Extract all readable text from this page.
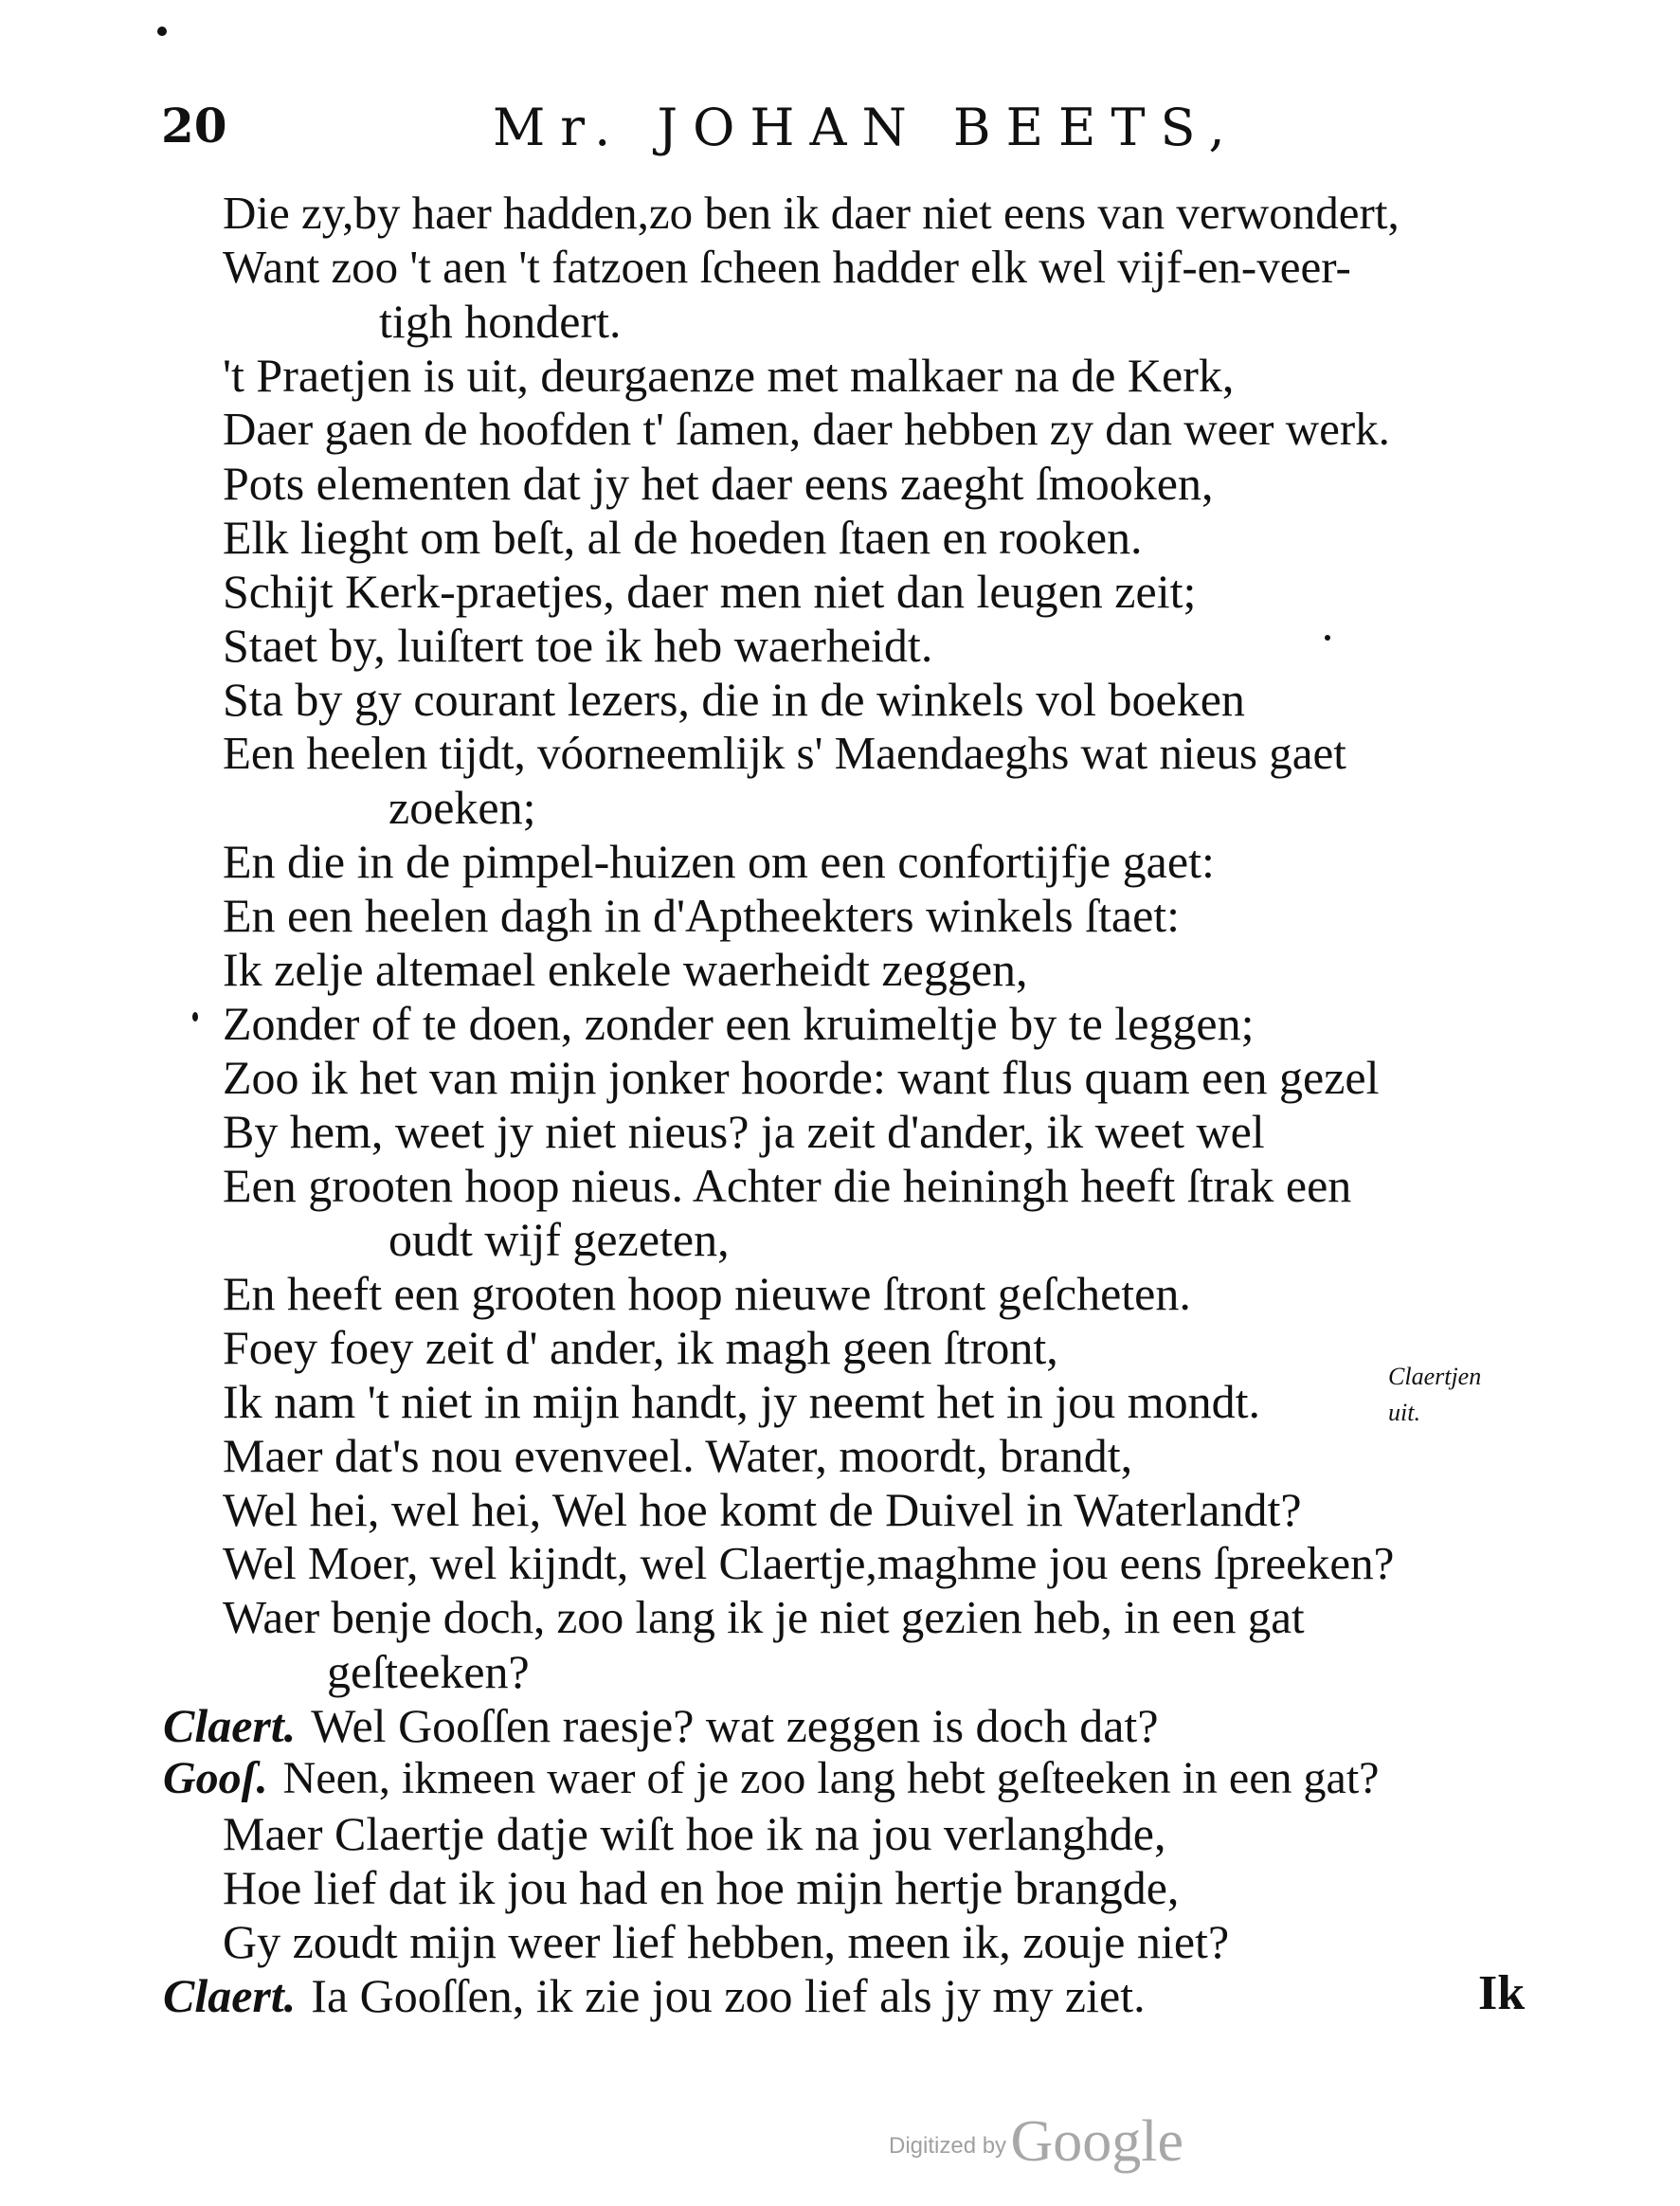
20	Mr. JOHAN BEETS,
Die zy,by haer hadden,zo ben ik daer niet eens van verwondert,
Want zoo 't aen 't fatzoen ſcheen hadder elk wel vijf-en-veer-
tigh hondert.
't Praetjen is uit, deurgaenze met malkaer na de Kerk,
Daer gaen de hoofden t' ſamen, daer hebben zy dan weer werk.
Pots elementen dat jy het daer eens zaeght ſmooken,
Elk lieght om beſt, al de hoeden ſtaen en rooken.
Schijt Kerk-praetjes, daer men niet dan leugen zeit;
Staet by, luiſtert toe ik heb waerheidt.
Sta by gy courant lezers, die in de winkels vol boeken
Een heelen tijdt, vóorneemlijk s' Maendaeghs wat nieus gaet
zoeken;
En die in de pimpel-huizen om een confortijfje gaet:
En een heelen dagh in d'Aptheekters winkels ſtaet:
Ik zelje altemael enkele waerheidt zeggen,
Zonder of te doen, zonder een kruimeltje by te leggen;
Zoo ik het van mijn jonker hoorde: want flus quam een gezel
By hem, weet jy niet nieus? ja zeit d'ander, ik weet wel
Een grooten hoop nieus. Achter die heiningh heeft ſtrak een
oudt wijf gezeten,
En heeft een grooten hoop nieuwe ſtront geſcheten.
Foey foey zeit d' ander, ik magh geen ſtront,
Ik nam 't niet in mijn handt, jy neemt het in jou mondt.
Maer dat's nou evenveel. Water, moordt, brandt,
Wel hei, wel hei, Wel hoe komt de Duivel in Waterlandt?
Wel Moer, wel kijndt, wel Claertje,maghme jou eens ſpreeken?
Waer benje doch, zoo lang ik je niet gezien heb, in een gat
geſteeken?
Claert. Wel Gooſſen raesje? wat zeggen is doch dat?
Gooſ. Neen, ikmeen waer of je zoo lang hebt geſteeken in een gat?
Maer Claertje datje wiſt hoe ik na jou verlanghde,
Hoe lief dat ik jou had en hoe mijn hertje brangde,
Gy zoudt mijn weer lief hebben, meen ik, zouje niet?
Claert. Ia Gooſſen, ik zie jou zoo lief als jy my ziet.
Claertjen
uit.
Ik
Digitized by Google
